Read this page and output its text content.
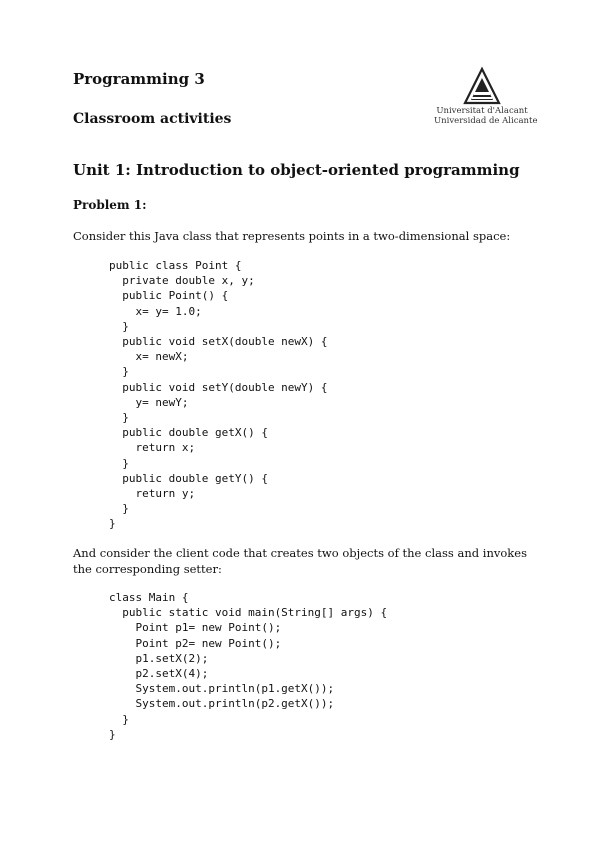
Programming 3
Classroom activities	Universitat d'Alacant
Universidad de Alicante
Unit 1: Introduction to object-oriented programming
Problem 1:
Consider this Java class that represents points in a two-dimensional space:
public class Point {
private double x, y;
public Point() {
x= y= 1.0;
}
public void setX(double newX) {
x= newX;
}
public void setY(double newY) {
y= newY;
}
public double getX() {
return x;
}
public double getY() {
return y;
}
}
And consider the client code that creates two objects of the class and invokes the corresponding setter:
class Main {
public static void main(String[] args) {
Point p1= new Point();
Point p2= new Point();
p1.setX(2);
p2.setX(4);
System.out.println(p1.getX());
System.out.println(p2.getX());
}
}
